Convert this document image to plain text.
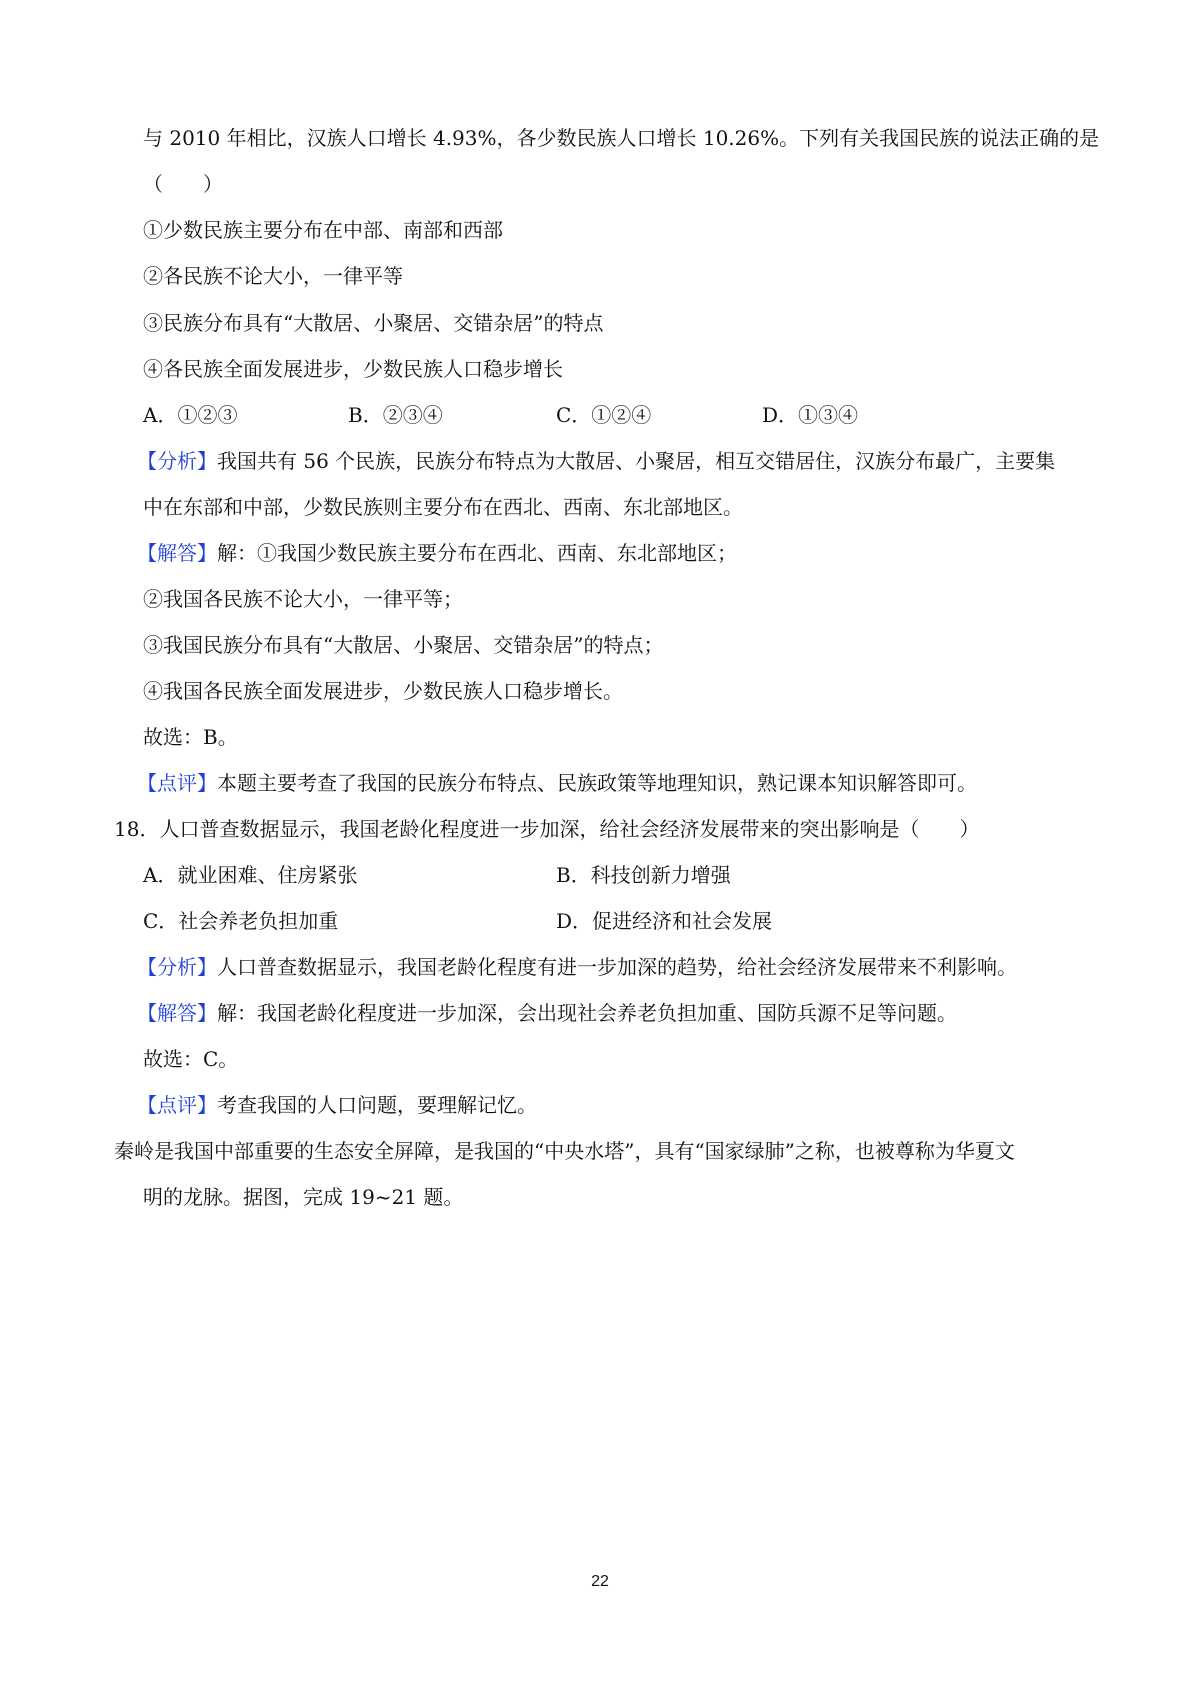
与 2010 年相比，汉族人口增长 4.93%，各少数民族人口增长 10.26%。下列有关我国民族的说法正确的是
（　　）
①少数民族主要分布在中部、南部和西部
②各民族不论大小，一律平等
③民族分布具有“大散居、小聚居、交错杂居”的特点
④各民族全面发展进步，少数民族人口稳步增长
A．①②③	B．②③④	C．①②④	D．①③④
【分析】我国共有 56 个民族，民族分布特点为大散居、小聚居，相互交错居住，汉族分布最广，主要集
中在东部和中部，少数民族则主要分布在西北、西南、东北部地区。
【解答】解：①我国少数民族主要分布在西北、西南、东北部地区；
②我国各民族不论大小，一律平等；
③我国民族分布具有“大散居、小聚居、交错杂居”的特点；
④我国各民族全面发展进步，少数民族人口稳步增长。
故选：B。
【点评】本题主要考查了我国的民族分布特点、民族政策等地理知识，熟记课本知识解答即可。
18．人口普查数据显示，我国老龄化程度进一步加深，给社会经济发展带来的突出影响是（　　）
A．就业困难、住房紧张	B．科技创新力增强
C．社会养老负担加重	D．促进经济和社会发展
【分析】人口普查数据显示，我国老龄化程度有进一步加深的趋势，给社会经济发展带来不利影响。
【解答】解：我国老龄化程度进一步加深，会出现社会养老负担加重、国防兵源不足等问题。
故选：C。
【点评】考查我国的人口问题，要理解记忆。
秦岭是我国中部重要的生态安全屏障，是我国的“中央水塔”，具有“国家绿肺”之称，也被尊称为华夏文
明的龙脉。据图，完成 19~21 题。
22
